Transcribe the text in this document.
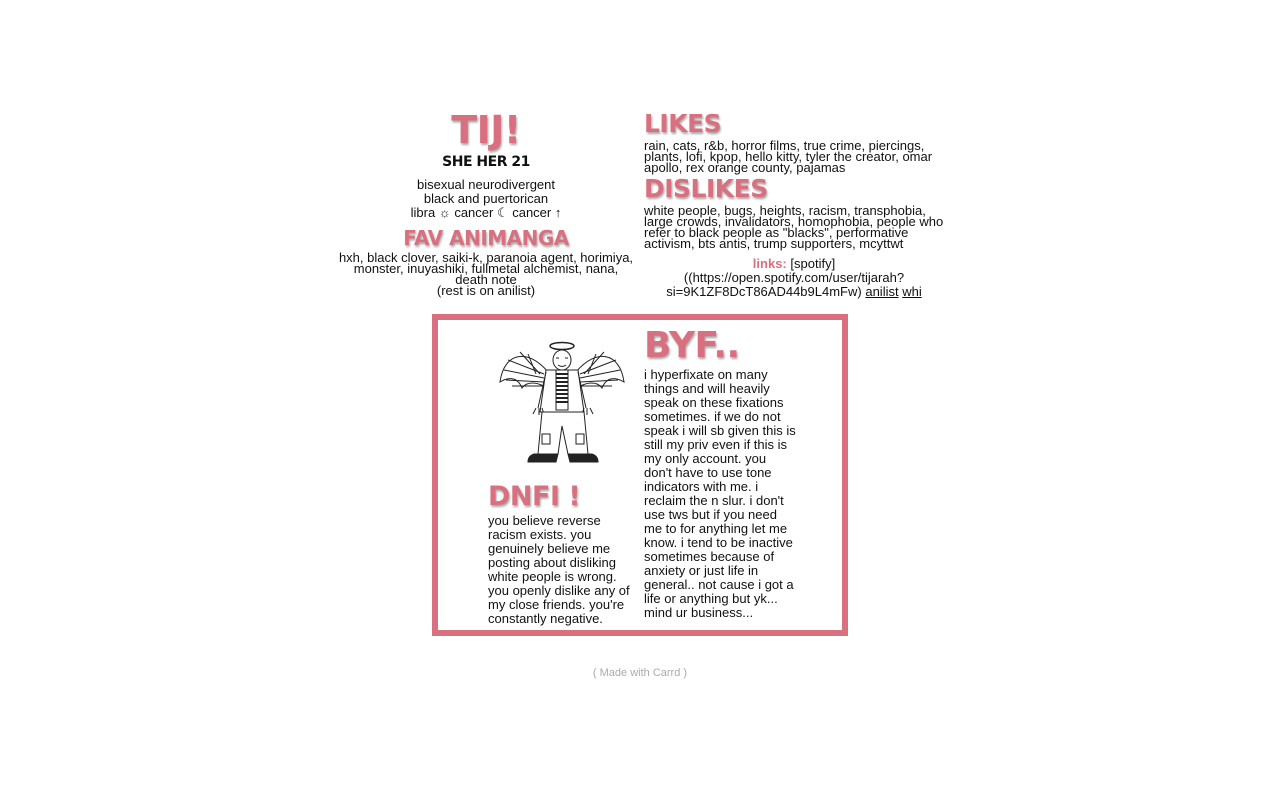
TIJ!
SHE HER 21
bisexual neurodivergent
black and puertorican
libra ☼ cancer ☾ cancer ↑
FAV ANIMANGA
hxh, black clover, saiki-k, paranoia agent, horimiya,
monster, inuyashiki, fullmetal alchemist, nana,
death note
(rest is on anilist)
LIKES
rain, cats, r&b, horror films, true crime, piercings, plants, lofi, kpop, hello kitty, tyler the creator, omar apollo, rex orange county, pajamas
DISLIKES
white people, bugs, heights, racism, transphobia, large crowds, invalidators, homophobia, people who refer to black people as "blacks", performative activism, bts antis, trump supporters, mcyttwt
links: [spotify]
((https://open.spotify.com/user/tijarah?
si=9K1ZF8DcT86AD44b9L4mFw) anilist whi
DNFI !
you believe reverse racism exists. you genuinely believe me posting about disliking white people is wrong. you openly dislike any of my close friends. you're constantly negative.
BYF..
i hyperfixate on many things and will heavily speak on these fixations sometimes. if we do not speak i will sb given this is still my priv even if this is my only account. you don't have to use tone indicators with me. i reclaim the n slur. i don't use tws but if you need me to for anything let me know. i tend to be inactive sometimes because of anxiety or just life in general.. not cause i got a life or anything but yk... mind ur business...
( Made with Carrd )
